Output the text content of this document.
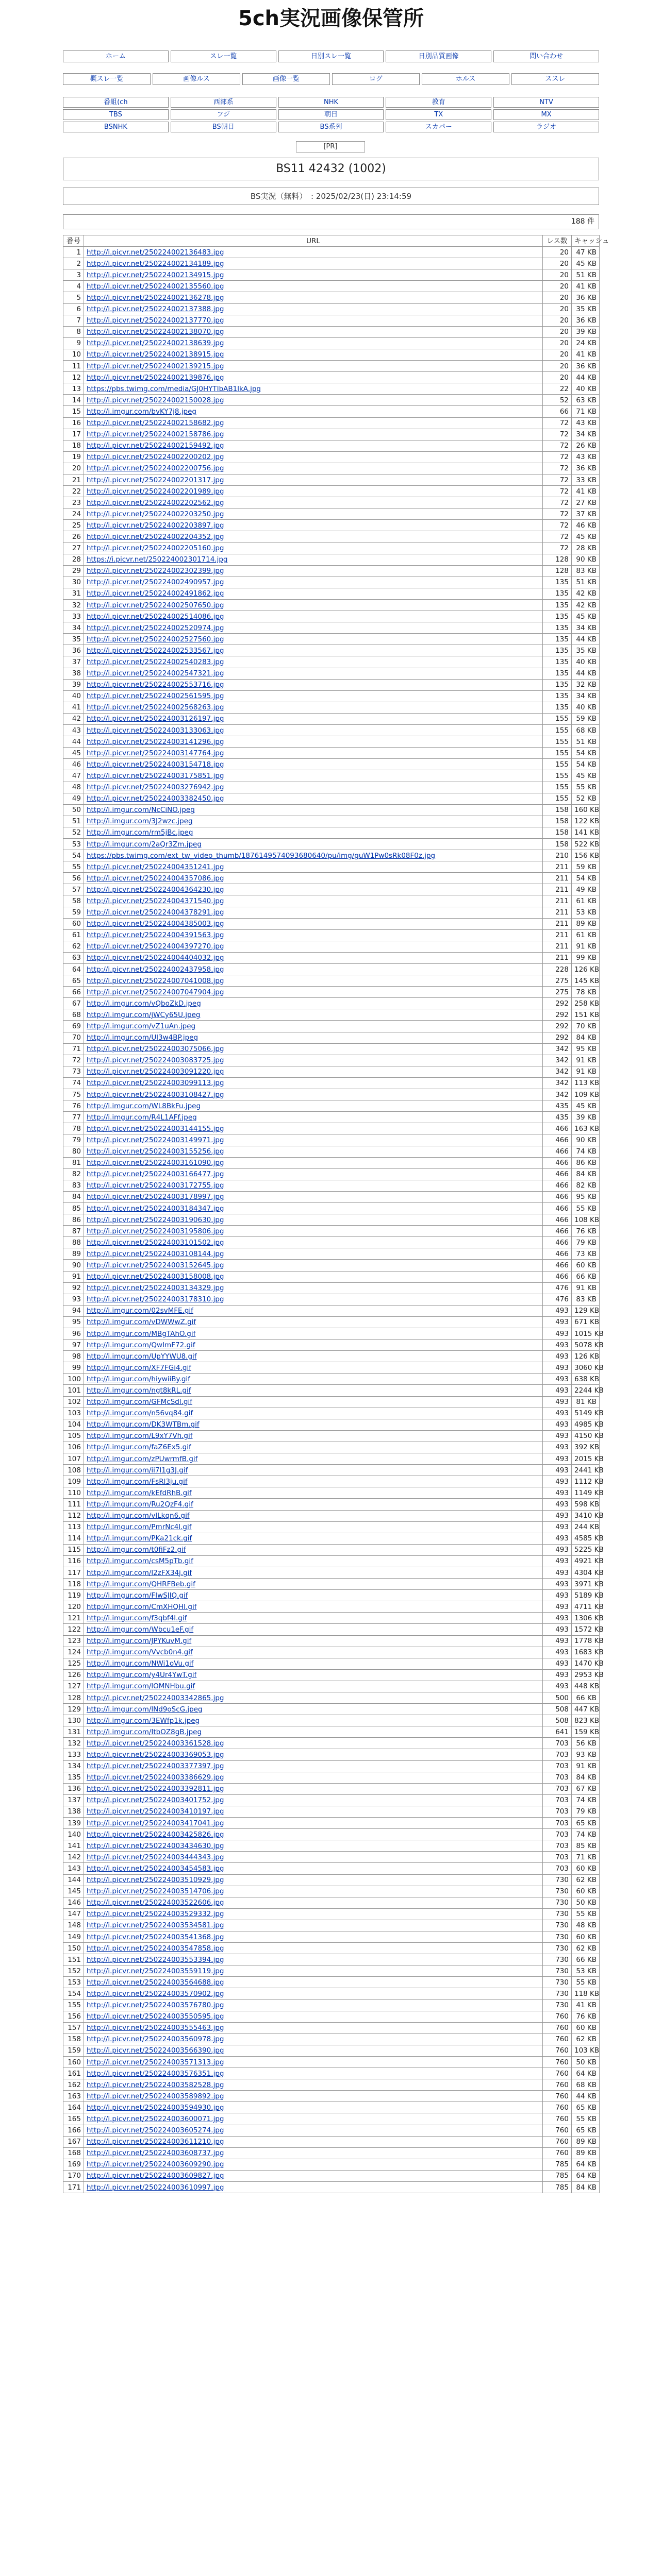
5ch実況画像保管所
ホーム	スレ一覧	日別スレ一覧	日別品質画像	問い合わせ
概スレ一覧	画像ルス	画像一覧	ログ	ホルス	ススレ
番組(ch	西部系	NHK	教育	NTV
TBS	フジ	朝日	TX	MX
BSNHK	BS朝日	BS系列	スカパー	ラジオ
[PR]
BS11 42432 (1002)
BS実況（無料）　: 2025/02/23(日) 23:14:59
188 件
番号	URL	レス数	キャッシュ
1	http://i.picvr.net/250224002136483.jpg	20	47 KB
2	http://i.picvr.net/250224002134189.jpg	20	45 KB
3	http://i.picvr.net/250224002134915.jpg	20	51 KB
4	http://i.picvr.net/250224002135560.jpg	20	41 KB
5	http://i.picvr.net/250224002136278.jpg	20	36 KB
6	http://i.picvr.net/250224002137388.jpg	20	35 KB
7	http://i.picvr.net/250224002137770.jpg	20	36 KB
8	http://i.picvr.net/250224002138070.jpg	20	39 KB
9	http://i.picvr.net/250224002138639.jpg	20	24 KB
10	http://i.picvr.net/250224002138915.jpg	20	41 KB
11	http://i.picvr.net/250224002139215.jpg	20	36 KB
12	http://i.picvr.net/250224002139876.jpg	20	44 KB
13	https://pbs.twimg.com/media/GJ0HYTIbAB1lkA.jpg	22	40 KB
14	http://i.picvr.net/250224002150028.jpg	52	63 KB
15	http://i.imgur.com/bvKY7j8.jpeg	66	71 KB
16	http://i.picvr.net/250224002158682.jpg	72	43 KB
17	http://i.picvr.net/250224002158786.jpg	72	34 KB
18	http://i.picvr.net/250224002159492.jpg	72	26 KB
19	http://i.picvr.net/250224002200202.jpg	72	43 KB
20	http://i.picvr.net/250224002200756.jpg	72	36 KB
21	http://i.picvr.net/250224002201317.jpg	72	33 KB
22	http://i.picvr.net/250224002201989.jpg	72	41 KB
23	http://i.picvr.net/250224002202562.jpg	72	27 KB
24	http://i.picvr.net/250224002203250.jpg	72	37 KB
25	http://i.picvr.net/250224002203897.jpg	72	46 KB
26	http://i.picvr.net/250224002204352.jpg	72	45 KB
27	http://i.picvr.net/250224002205160.jpg	72	28 KB
28	https://i.picvr.net/250224002301714.jpg	128	90 KB
29	http://i.picvr.net/250224002302399.jpg	128	83 KB
30	http://i.picvr.net/250224002490957.jpg	135	51 KB
31	http://i.picvr.net/250224002491862.jpg	135	42 KB
32	http://i.picvr.net/250224002507650.jpg	135	42 KB
33	http://i.picvr.net/250224002514086.jpg	135	45 KB
34	http://i.picvr.net/250224002520974.jpg	135	34 KB
35	http://i.picvr.net/250224002527560.jpg	135	44 KB
36	http://i.picvr.net/250224002533567.jpg	135	35 KB
37	http://i.picvr.net/250224002540283.jpg	135	40 KB
38	http://i.picvr.net/250224002547321.jpg	135	44 KB
39	http://i.picvr.net/250224002553716.jpg	135	32 KB
40	http://i.picvr.net/250224002561595.jpg	135	34 KB
41	http://i.picvr.net/250224002568263.jpg	135	40 KB
42	http://i.picvr.net/250224003126197.jpg	155	59 KB
43	http://i.picvr.net/250224003133063.jpg	155	68 KB
44	http://i.picvr.net/250224003141296.jpg	155	51 KB
45	http://i.picvr.net/250224003147764.jpg	155	54 KB
46	http://i.picvr.net/250224003154718.jpg	155	54 KB
47	http://i.picvr.net/250224003175851.jpg	155	45 KB
48	http://i.picvr.net/250224003276942.jpg	155	55 KB
49	http://i.picvr.net/250224003382450.jpg	155	52 KB
50	http://i.imgur.com/NcCiNO.jpeg	158	160 KB
51	http://i.imgur.com/3J2wzc.jpeg	158	122 KB
52	http://i.imgur.com/rm5jBc.jpeg	158	141 KB
53	http://i.imgur.com/2aQr3Zm.jpeg	158	522 KB
54	https://pbs.twimg.com/ext_tw_video_thumb/1876149574093680640/pu/img/guW1Pw0sRk08F0z.jpg	210	156 KB
55	http://i.picvr.net/250224004351241.jpg	211	59 KB
56	http://i.picvr.net/250224004357086.jpg	211	54 KB
57	http://i.picvr.net/250224004364230.jpg	211	49 KB
58	http://i.picvr.net/250224004371540.jpg	211	61 KB
59	http://i.picvr.net/250224004378291.jpg	211	53 KB
60	http://i.picvr.net/250224004385003.jpg	211	89 KB
61	http://i.picvr.net/250224004391563.jpg	211	61 KB
62	http://i.picvr.net/250224004397270.jpg	211	91 KB
63	http://i.picvr.net/250224004404032.jpg	211	99 KB
64	http://i.picvr.net/250224002437958.jpg	228	126 KB
65	http://i.picvr.net/250224007041008.jpg	275	145 KB
66	http://i.picvr.net/250224007047904.jpg	275	78 KB
67	http://i.imgur.com/vQboZkD.jpeg	292	258 KB
68	http://i.imgur.com/jWCy65U.jpeg	292	151 KB
69	http://i.imgur.com/vZ1uAn.jpeg	292	70 KB
70	http://i.imgur.com/Ul3w4BP.jpeg	292	84 KB
71	http://i.picvr.net/250224003075066.jpg	342	95 KB
72	http://i.picvr.net/250224003083725.jpg	342	91 KB
73	http://i.picvr.net/250224003091220.jpg	342	91 KB
74	http://i.picvr.net/250224003099113.jpg	342	113 KB
75	http://i.picvr.net/250224003108427.jpg	342	109 KB
76	http://i.imgur.com/WL8BkFu.jpeg	435	45 KB
77	http://i.imgur.com/R4L1AFf.jpeg	435	39 KB
78	http://i.picvr.net/250224003144155.jpg	466	163 KB
79	http://i.picvr.net/250224003149971.jpg	466	90 KB
80	http://i.picvr.net/250224003155256.jpg	466	74 KB
81	http://i.picvr.net/250224003161090.jpg	466	86 KB
82	http://i.picvr.net/250224003166477.jpg	466	84 KB
83	http://i.picvr.net/250224003172755.jpg	466	82 KB
84	http://i.picvr.net/250224003178997.jpg	466	95 KB
85	http://i.picvr.net/250224003184347.jpg	466	55 KB
86	http://i.picvr.net/250224003190630.jpg	466	108 KB
87	http://i.picvr.net/250224003195806.jpg	466	76 KB
88	http://i.picvr.net/250224003101502.jpg	466	79 KB
89	http://i.picvr.net/250224003108144.jpg	466	73 KB
90	http://i.picvr.net/250224003152645.jpg	466	60 KB
91	http://i.picvr.net/250224003158008.jpg	466	66 KB
92	http://i.picvr.net/250224003134329.jpg	476	91 KB
93	http://i.picvr.net/250224003178310.jpg	476	83 KB
94	http://i.imgur.com/02svMFE.gif	493	129 KB
95	http://i.imgur.com/vDWWwZ.gif	493	671 KB
96	http://i.imgur.com/MBgTAhO.gif	493	1015 KB
97	http://i.imgur.com/QwImF72.gif	493	5078 KB
98	http://i.imgur.com/UpYYWU8.gif	493	126 KB
99	http://i.imgur.com/XF7FGi4.gif	493	3060 KB
100	http://i.imgur.com/hiywiiBy.gif	493	638 KB
101	http://i.imgur.com/ngt8kRL.gif	493	2244 KB
102	http://i.imgur.com/GFMcSdl.gif	493	81 KB
103	http://i.imgur.com/n56vq84.gif	493	5149 KB
104	http://i.imgur.com/DK3WTBm.gif	493	4985 KB
105	http://i.imgur.com/L9xY7Vh.gif	493	4150 KB
106	http://i.imgur.com/faZ6Ex5.gif	493	392 KB
107	http://i.imgur.com/zPUwrmfB.gif	493	2015 KB
108	http://i.imgur.com/ii7l1g3J.gif	493	2441 KB
109	http://i.imgur.com/FsRl3ju.gif	493	1112 KB
110	http://i.imgur.com/kEfdRhB.gif	493	1149 KB
111	http://i.imgur.com/Ru2QzF4.gif	493	598 KB
112	http://i.imgur.com/vlLkqn6.gif	493	3410 KB
113	http://i.imgur.com/PmrNc4l.gif	493	244 KB
114	http://i.imgur.com/PKa21ck.gif	493	4585 KB
115	http://i.imgur.com/t0fiFz2.gif	493	5225 KB
116	http://i.imgur.com/csM5pTb.gif	493	4921 KB
117	http://i.imgur.com/l2zFX34j.gif	493	4304 KB
118	http://i.imgur.com/QHRFBeb.gif	493	3971 KB
119	http://i.imgur.com/FIwSJlQ.gif	493	5189 KB
120	http://i.imgur.com/CmXHQHI.gif	493	4711 KB
121	http://i.imgur.com/f3qbf4l.gif	493	1306 KB
122	http://i.imgur.com/Wbcu1eF.gif	493	1572 KB
123	http://i.imgur.com/JPYKuvM.gif	493	1778 KB
124	http://i.imgur.com/Vvcb0n4.gif	493	1683 KB
125	http://i.imgur.com/NWi1oVu.gif	493	1470 KB
126	http://i.imgur.com/y4Ur4YwT.gif	493	2953 KB
127	http://i.imgur.com/lOMNHbu.gif	493	448 KB
128	http://i.picvr.net/250224003342865.jpg	500	66 KB
129	http://i.imgur.com/lNd9oScG.jpeg	508	447 KB
130	http://i.imgur.com/3EWfp1k.jpeg	508	823 KB
131	http://i.imgur.com/ItbOZ8gB.jpeg	641	159 KB
132	http://i.picvr.net/250224003361528.jpg	703	56 KB
133	http://i.picvr.net/250224003369053.jpg	703	93 KB
134	http://i.picvr.net/250224003377397.jpg	703	91 KB
135	http://i.picvr.net/250224003386629.jpg	703	84 KB
136	http://i.picvr.net/250224003392811.jpg	703	67 KB
137	http://i.picvr.net/250224003401752.jpg	703	74 KB
138	http://i.picvr.net/250224003410197.jpg	703	79 KB
139	http://i.picvr.net/250224003417041.jpg	703	65 KB
140	http://i.picvr.net/250224003425826.jpg	703	74 KB
141	http://i.picvr.net/250224003434630.jpg	703	85 KB
142	http://i.picvr.net/250224003444343.jpg	703	71 KB
143	http://i.picvr.net/250224003454583.jpg	703	60 KB
144	http://i.picvr.net/250224003510929.jpg	730	62 KB
145	http://i.picvr.net/250224003514706.jpg	730	60 KB
146	http://i.picvr.net/250224003522606.jpg	730	50 KB
147	http://i.picvr.net/250224003529332.jpg	730	55 KB
148	http://i.picvr.net/250224003534581.jpg	730	48 KB
149	http://i.picvr.net/250224003541368.jpg	730	60 KB
150	http://i.picvr.net/250224003547858.jpg	730	62 KB
151	http://i.picvr.net/250224003553394.jpg	730	66 KB
152	http://i.picvr.net/250224003559119.jpg	730	53 KB
153	http://i.picvr.net/250224003564688.jpg	730	55 KB
154	http://i.picvr.net/250224003570902.jpg	730	118 KB
155	http://i.picvr.net/250224003576780.jpg	730	41 KB
156	http://i.picvr.net/250224003550595.jpg	760	76 KB
157	http://i.picvr.net/250224003555463.jpg	760	60 KB
158	http://i.picvr.net/250224003560978.jpg	760	62 KB
159	http://i.picvr.net/250224003566390.jpg	760	103 KB
160	http://i.picvr.net/250224003571313.jpg	760	50 KB
161	http://i.picvr.net/250224003576351.jpg	760	64 KB
162	http://i.picvr.net/250224003582528.jpg	760	68 KB
163	http://i.picvr.net/250224003589892.jpg	760	44 KB
164	http://i.picvr.net/250224003594930.jpg	760	65 KB
165	http://i.picvr.net/250224003600071.jpg	760	55 KB
166	http://i.picvr.net/250224003605274.jpg	760	65 KB
167	http://i.picvr.net/250224003611210.jpg	760	89 KB
168	http://i.picvr.net/250224003608737.jpg	760	89 KB
169	http://i.picvr.net/250224003609290.jpg	785	64 KB
170	http://i.picvr.net/250224003609827.jpg	785	64 KB
171	http://i.picvr.net/250224003610997.jpg	785	84 KB
